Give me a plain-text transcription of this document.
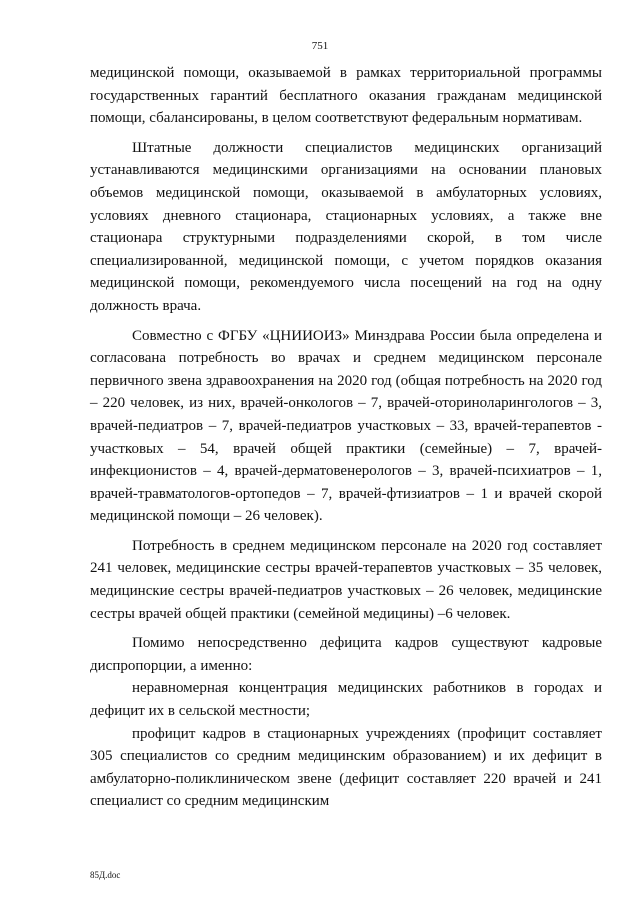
751

медицинской помощи, оказываемой в рамках территориальной программы государственных гарантий бесплатного оказания гражданам медицинской помощи, сбалансированы, в целом соответствуют федеральным нормативам.

Штатные должности специалистов медицинских организаций устанавливаются медицинскими организациями на основании плановых объемов медицинской помощи, оказываемой в амбулаторных условиях, условиях дневного стационара, стационарных условиях, а также вне стационара структурными подразделениями скорой, в том числе специализированной, медицинской помощи, с учетом порядков оказания медицинской помощи, рекомендуемого числа посещений на год на одну должность врача.

Совместно с ФГБУ «ЦНИИОИЗ» Минздрава России была определена и согласована потребность во врачах и среднем медицинском персонале первичного звена здравоохранения на 2020 год (общая потребность на 2020 год – 220 человек, из них, врачей-онкологов – 7, врачей-оториноларингологов – 3, врачей-педиатров – 7, врачей-педиатров участковых – 33, врачей-терапевтов - участковых – 54, врачей общей практики (семейные) – 7, врачей-инфекционистов – 4, врачей-дерматовенерологов – 3, врачей-психиатров – 1, врачей-травматологов-ортопедов – 7, врачей-фтизиатров – 1 и врачей скорой медицинской помощи – 26 человек).

Потребность в среднем медицинском персонале на 2020 год составляет 241 человек, медицинские сестры врачей-терапевтов участковых – 35 человек, медицинские сестры врачей-педиатров участковых – 26 человек, медицинские сестры врачей общей практики (семейной медицины) –6 человек.

Помимо непосредственно дефицита кадров существуют кадровые диспропорции, а именно:

неравномерная концентрация медицинских работников в городах и дефицит их в сельской местности;

профицит кадров в стационарных учреждениях (профицит составляет 305 специалистов со средним медицинским образованием) и их дефицит в амбулаторно-поликлиническом звене (дефицит составляет 220 врачей и 241 специалист со средним медицинским

85Д.doc
